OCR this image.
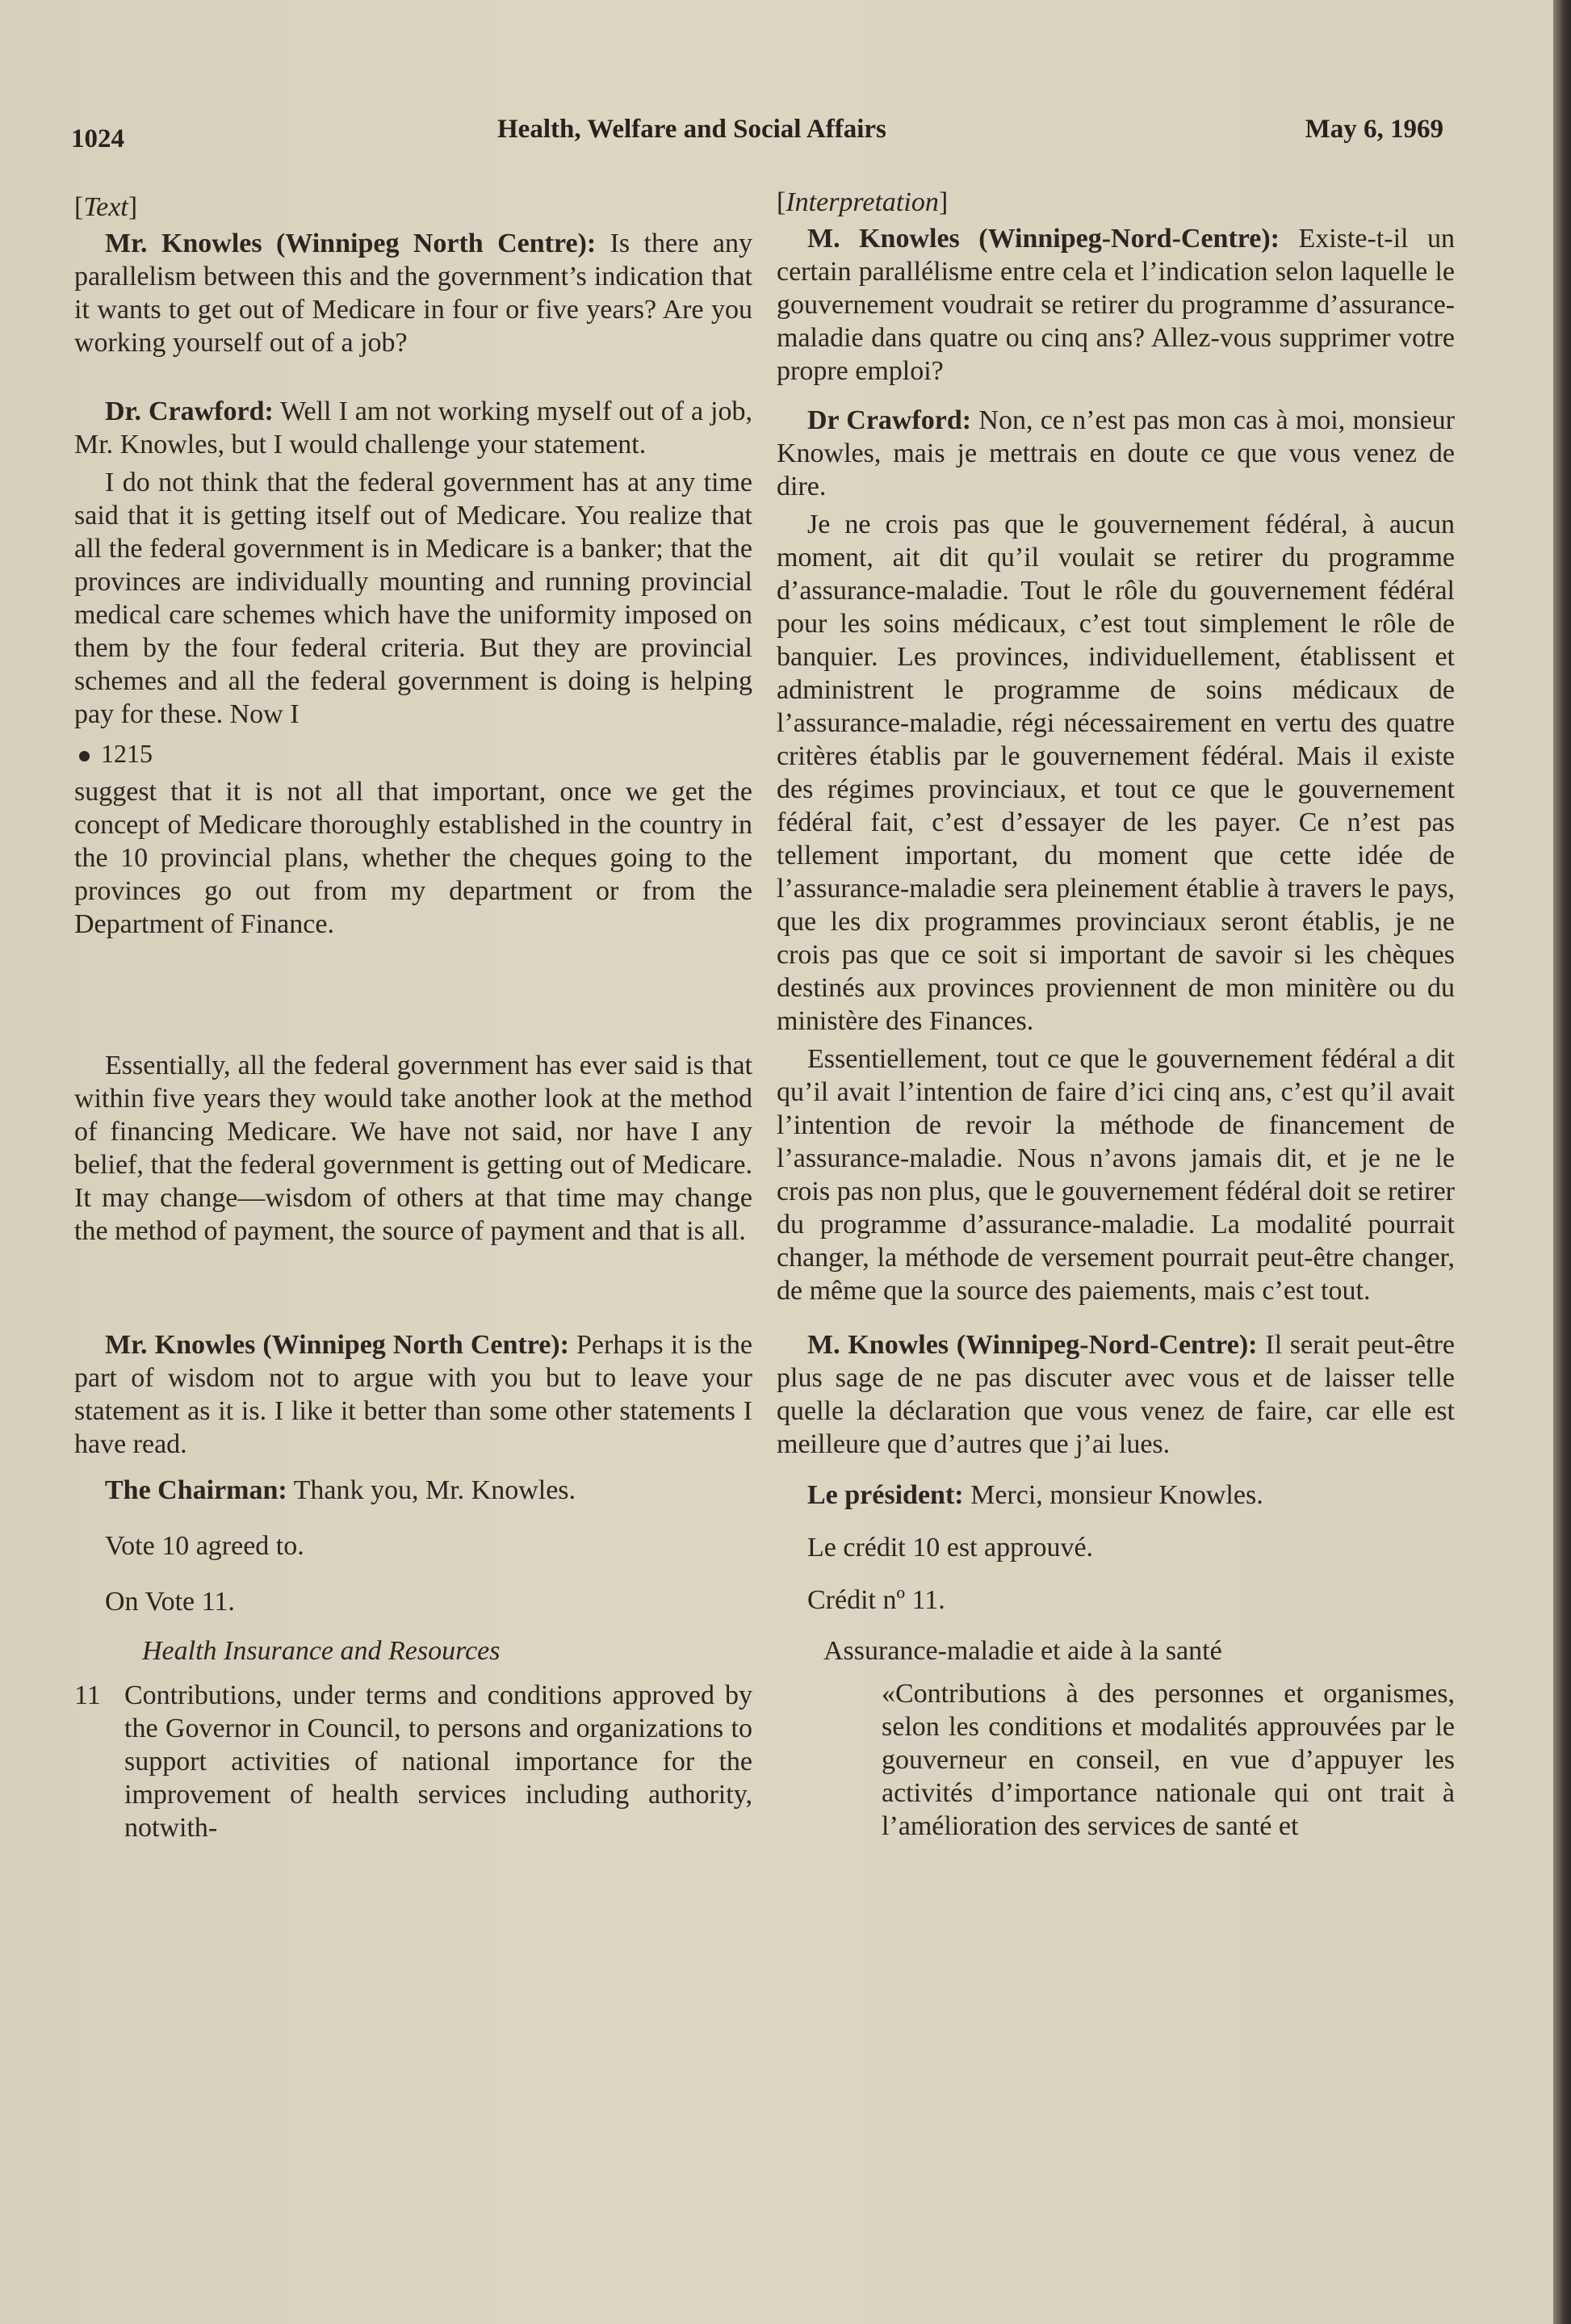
1024	Health, Welfare and Social Affairs	May 6, 1969

[Text]

Mr. Knowles (Winnipeg North Centre): Is there any parallelism between this and the government’s indication that it wants to get out of Medicare in four or five years? Are you working yourself out of a job?

Dr. Crawford: Well I am not working myself out of a job, Mr. Knowles, but I would challenge your statement.

I do not think that the federal government has at any time said that it is getting itself out of Medicare. You realize that all the federal government is in Medicare is a banker; that the provinces are individually mounting and running provincial medical care schemes which have the uniformity imposed on them by the four federal criteria. But they are provincial schemes and all the federal government is doing is helping pay for these. Now I

1215

suggest that it is not all that important, once we get the concept of Medicare thoroughly established in the country in the 10 provincial plans, whether the cheques going to the provinces go out from my department or from the Department of Finance.

Essentially, all the federal government has ever said is that within five years they would take another look at the method of financing Medicare. We have not said, nor have I any belief, that the federal government is getting out of Medicare. It may change—wisdom of others at that time may change the method of payment, the source of payment and that is all.

Mr. Knowles (Winnipeg North Centre): Perhaps it is the part of wisdom not to argue with you but to leave your statement as it is. I like it better than some other statements I have read.

The Chairman: Thank you, Mr. Knowles.

Vote 10 agreed to.

On Vote 11.

Health Insurance and Resources

11 Contributions, under terms and conditions approved by the Governor in Council, to persons and organizations to support activities of national importance for the improvement of health services including authority, notwith-

[Interpretation]

M. Knowles (Winnipeg-Nord-Centre): Existe-t-il un certain parallélisme entre cela et l’indication selon laquelle le gouvernement voudrait se retirer du programme d’assurance-maladie dans quatre ou cinq ans? Allez-vous supprimer votre propre emploi?

Dr Crawford: Non, ce n’est pas mon cas à moi, monsieur Knowles, mais je mettrais en doute ce que vous venez de dire.

Je ne crois pas que le gouvernement fédéral, à aucun moment, ait dit qu’il voulait se retirer du programme d’assurance-maladie. Tout le rôle du gouvernement fédéral pour les soins médicaux, c’est tout simplement le rôle de banquier. Les provinces, individuellement, établissent et administrent le programme de soins médicaux de l’assurance-maladie, régi nécessairement en vertu des quatre critères établis par le gouvernement fédéral. Mais il existe des régimes provinciaux, et tout ce que le gouvernement fédéral fait, c’est d’essayer de les payer. Ce n’est pas tellement important, du moment que cette idée de l’assurance-maladie sera pleinement établie à travers le pays, que les dix programmes provinciaux seront établis, je ne crois pas que ce soit si important de savoir si les chèques destinés aux provinces proviennent de mon minitère ou du ministère des Finances.

Essentiellement, tout ce que le gouvernement fédéral a dit qu’il avait l’intention de faire d’ici cinq ans, c’est qu’il avait l’intention de revoir la méthode de financement de l’assurance-maladie. Nous n’avons jamais dit, et je ne le crois pas non plus, que le gouvernement fédéral doit se retirer du programme d’assurance-maladie. La modalité pourrait changer, la méthode de versement pourrait peut-être changer, de même que la source des paiements, mais c’est tout.

M. Knowles (Winnipeg-Nord-Centre): Il serait peut-être plus sage de ne pas discuter avec vous et de laisser telle quelle la déclaration que vous venez de faire, car elle est meilleure que d’autres que j’ai lues.

Le président: Merci, monsieur Knowles.

Le crédit 10 est approuvé.

Crédit nº 11.

Assurance-maladie et aide à la santé

«Contributions à des personnes et organismes, selon les conditions et modalités approuvées par le gouverneur en conseil, en vue d’appuyer les activités d’importance nationale qui ont trait à l’amélioration des services de santé et
